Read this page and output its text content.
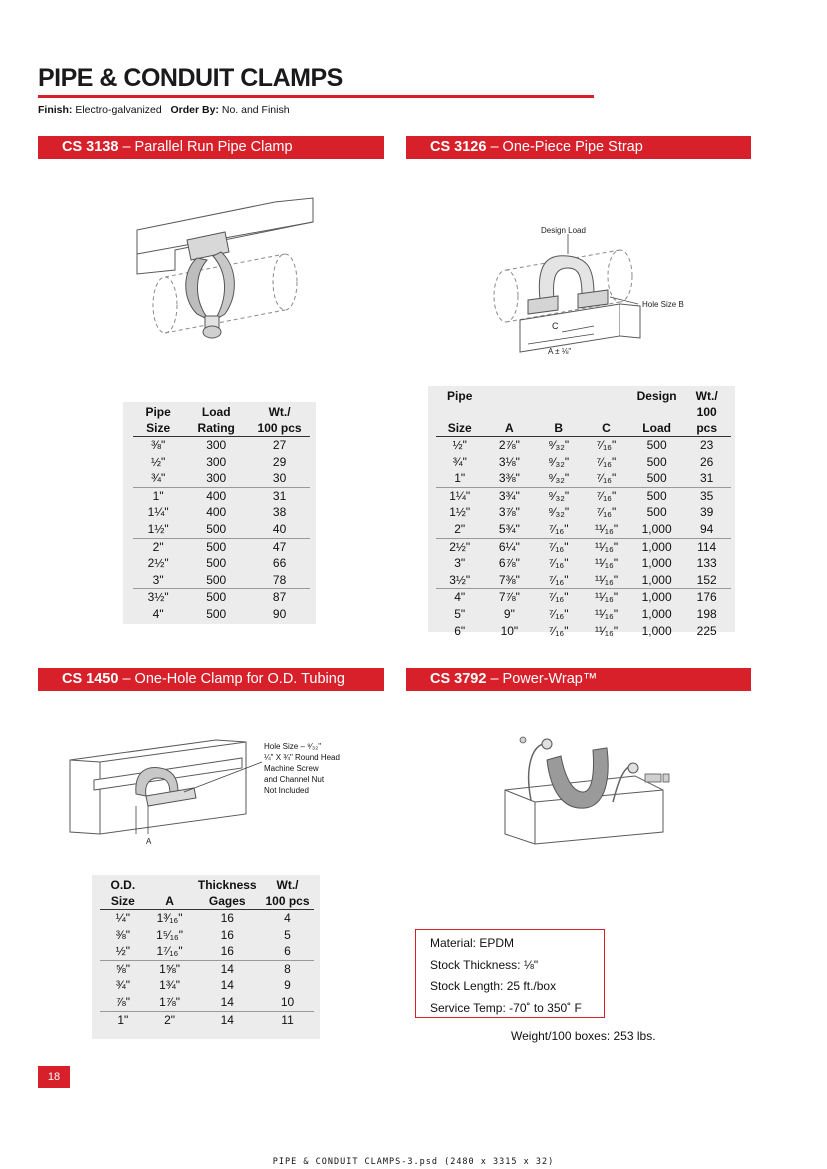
PIPE & CONDUIT CLAMPS
Finish: Electro-galvanized Order By: No. and Finish
CS 3138 – Parallel Run Pipe Clamp	CS 3126 – One-Piece Pipe Strap
CS 1450 – One-Hole Clamp for O.D. Tubing	CS 3792 – Power-Wrap™
Design Load
Hole Size B
C
A ± ⅛"
A
Hole Size – ⁹⁄₃₂"
¼" X ¾" Round Head
Machine Screw
and Channel Nut
Not Included
Pipe	Load	Wt./
Size	Rating	100 pcs
⅜"	300	27
½"	300	29
¾"	300	30
1"	400	31
1¼"	400	38
1½"	500	40
2"	500	47
2½"	500	66
3"	500	78
3½"	500	87
4"	500	90
Pipe				Design	Wt./
Size	A	B	C	Load	100 pcs
½"	2⅞"	⁹⁄₃₂"	⁷⁄₁₆"	500	23
¾"	3⅛"	⁹⁄₃₂"	⁷⁄₁₆"	500	26
1"	3⅜"	⁹⁄₃₂"	⁷⁄₁₆"	500	31
1¼"	3¾"	⁹⁄₃₂"	⁷⁄₁₆"	500	35
1½"	3⅞"	⁹⁄₃₂"	⁷⁄₁₆"	500	39
2"	5¾"	⁷⁄₁₆"	¹¹⁄₁₆"	1,000	94
2½"	6¼"	⁷⁄₁₆"	¹¹⁄₁₆"	1,000	114
3"	6⅞"	⁷⁄₁₆"	¹¹⁄₁₆"	1,000	133
3½"	7⅜"	⁷⁄₁₆"	¹¹⁄₁₆"	1,000	152
4"	7⅞"	⁷⁄₁₆"	¹¹⁄₁₆"	1,000	176
5"	9"	⁷⁄₁₆"	¹¹⁄₁₆"	1,000	198
6"	10"	⁷⁄₁₆"	¹¹⁄₁₆"	1,000	225
O.D.		Thickness	Wt./
Size	A	Gages	100 pcs
¼"	1³⁄₁₆"	16	4
⅜"	1⁵⁄₁₆"	16	5
½"	1⁷⁄₁₆"	16	6
⅝"	1⅝"	14	8
¾"	1¾"	14	9
⅞"	1⅞"	14	10
1"	2"	14	11
Material: EPDM
Stock Thickness: ⅛"
Stock Length: 25 ft./box
Service Temp: -70˚ to 350˚ F
Weight/100 boxes: 253 lbs.
18
PIPE & CONDUIT CLAMPS-3.psd (2480 x 3315 x 32)
